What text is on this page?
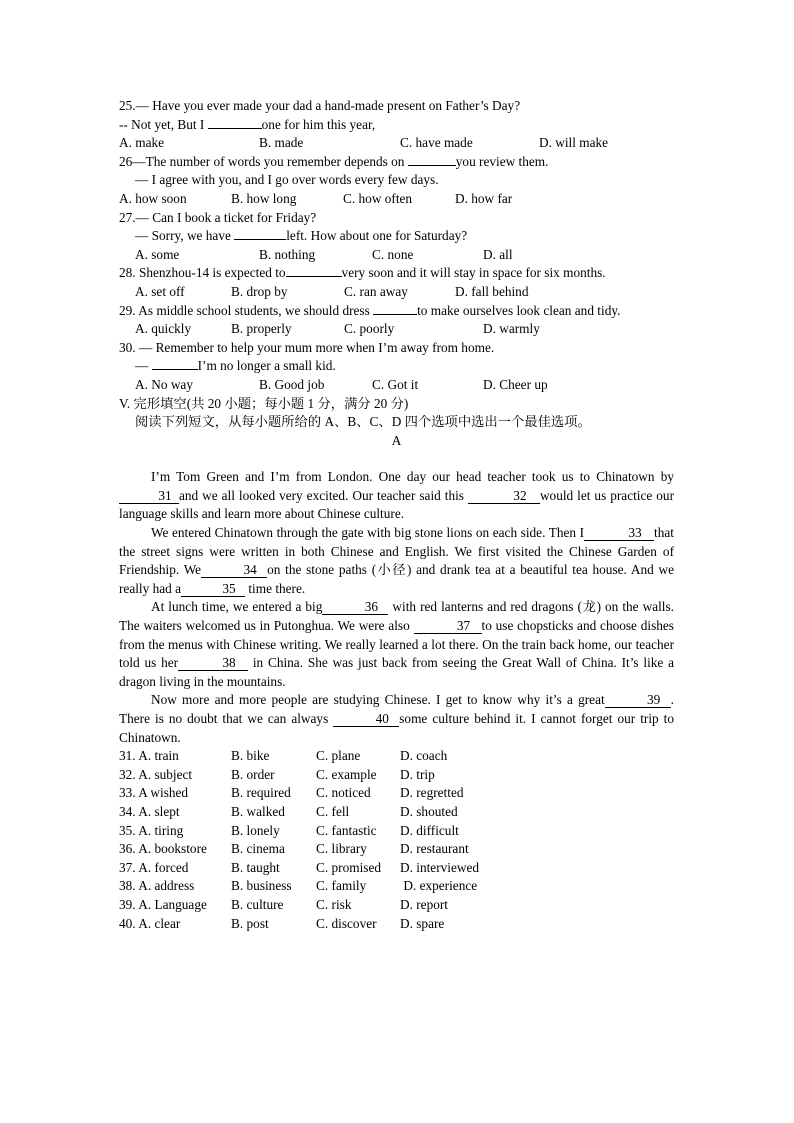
25.— Have you ever made your dad a hand-made present on Father’s Day?
-- Not yet, But I	one for him this year,
A. make	B. made	C. have made	D. will make
26—The number of words you remember depends on	you review them.
— I agree with you, and I go over words every few days.
A. how soon	B. how long	C. how often	D. how far
27.— Can I book a ticket for Friday?
— Sorry, we have	left. How about one for Saturday?
A. some	B. nothing	C. none	D. all
28. Shenzhou-14 is expected to	very soon and it will stay in space for six months.
A. set off	B. drop by	C. ran away	D. fall behind
29. As middle school students, we should dress	to make ourselves look clean and tidy.
A. quickly	B. properly	C. poorly	D. warmly
30. — Remember to help your mum more when I’m away from home.
—	I’m no longer a small kid.
A. No way	B. Good job	C. Got it	D. Cheer up
V. 完形填空(共 20 小题；每小题 1 分，满分 20 分)
阅读下列短文，从每小题所给的 A、B、C、D 四个选项中选出一个最佳选项。
A
I’m Tom Green and I’m from London. One day our head teacher took us to Chinatown by31 and we all looked very excited. Our teacher said this	32 would let us practice our language skills and learn more about Chinese culture.
We entered Chinatown through the gate with big stone lions on each side. Then I	33 that the street signs were written in both Chinese and English. We first visited the Chinese Garden of Friendship. We	34 on the stone paths (小径) and drank tea at a beautiful tea house. And we really had a	35 time there.
At lunch time, we entered a big	36 with red lanterns and red dragons (龙) on the walls. The waiters welcomed us in Putonghua. We were also	37 to use chopsticks and choose dishes from the menus with Chinese writing. We really learned a lot there. On the train back home, our teacher told us her	38 in China. She was just back from seeing the Great Wall of China. It’s like a dragon living in the mountains.
Now more and more people are studying Chinese. I get to know why it’s a great	39 . There is no doubt that we can always	40 some culture behind it. I cannot forget our trip to Chinatown.
31. A. train	B. bike	C. plane	D. coach
32. A. subject	B. order	C. example	D. trip
33. A wished	B. required	C. noticed	D. regretted
34. A. slept	B. walked	C. fell	D. shouted
35. A. tiring	B. lonely	C. fantastic	D. difficult
36. A. bookstore	B. cinema	C. library	D. restaurant
37. A. forced	B. taught	C. promised	D. interviewed
38. A. address	B. business	C. family	D. experience
39. A. Language	B. culture	C. risk	D. report
40. A. clear	B. post	C. discover	D. spare
